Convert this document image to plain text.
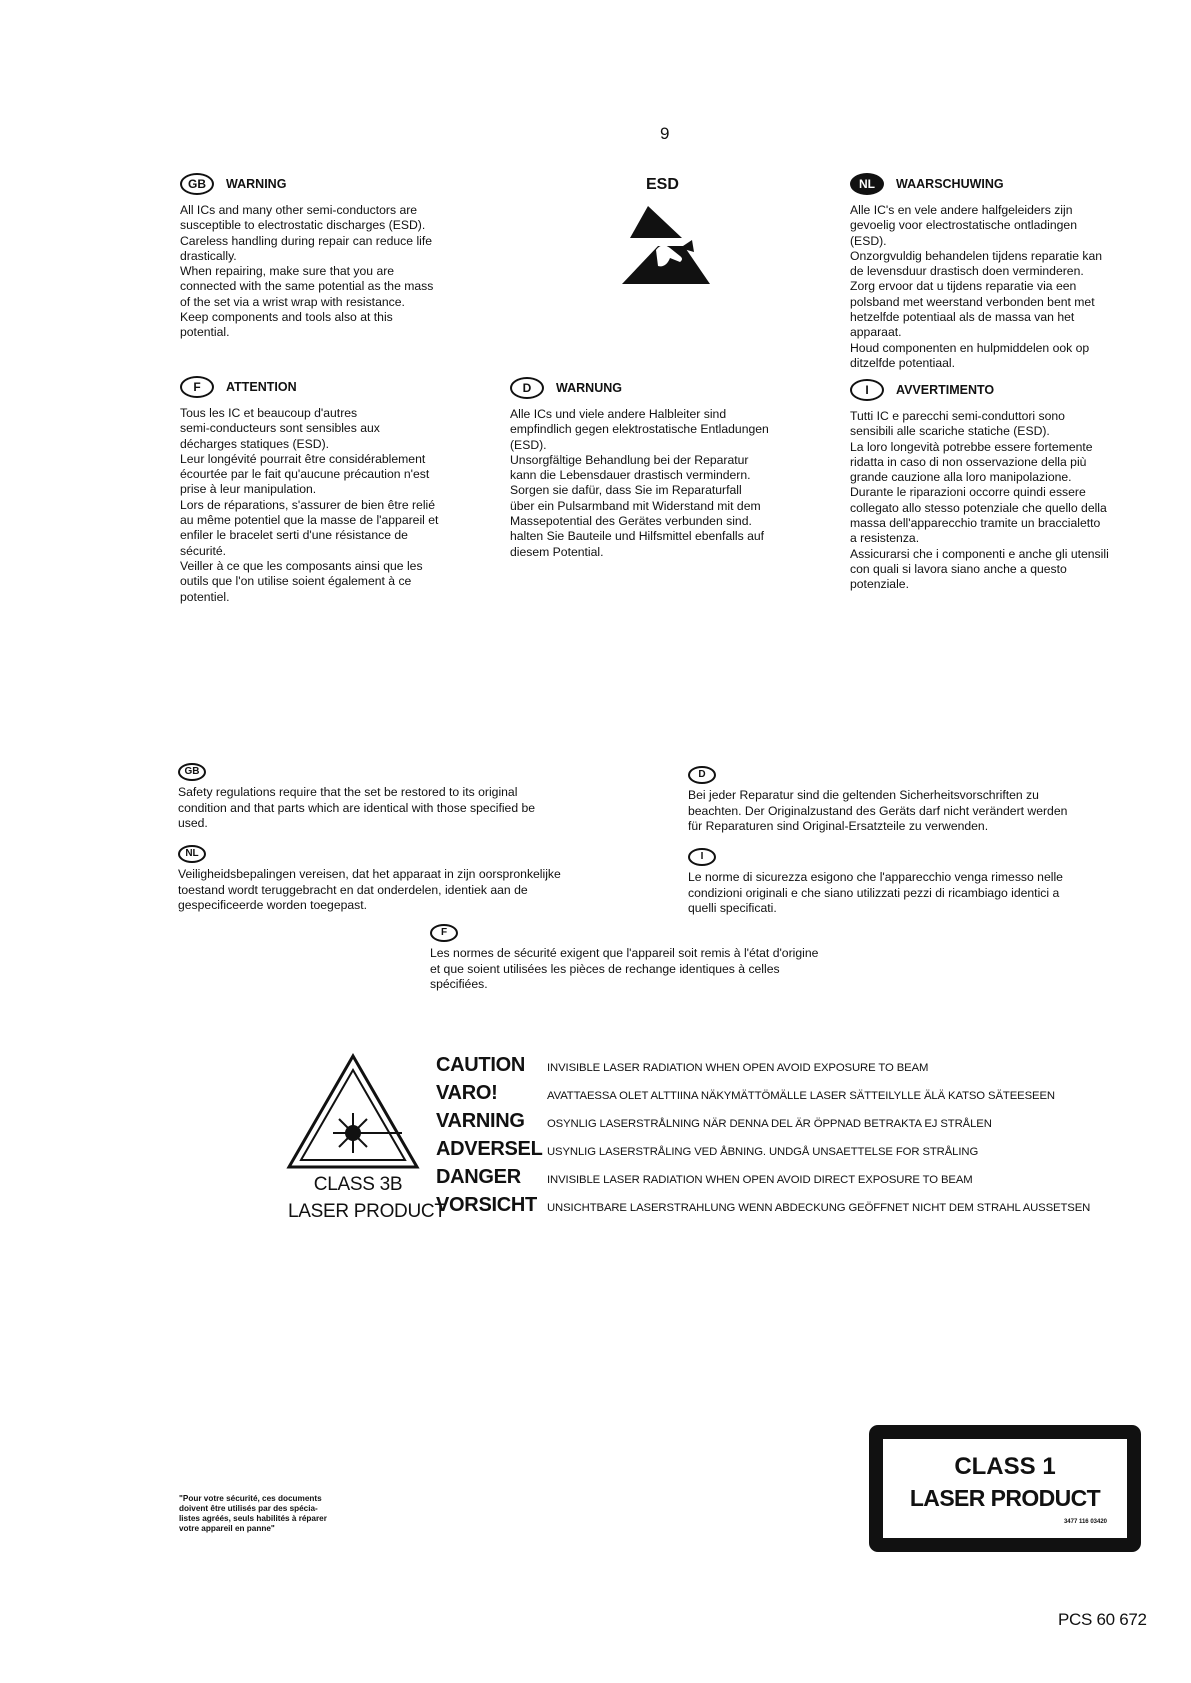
9
ESD
GB	WARNING
All ICs and many other semi-conductors are
susceptible to electrostatic discharges (ESD).
Careless handling during repair can reduce life
drastically.
When repairing, make sure that you are
connected with the same potential as the mass
of the set via a wrist wrap with resistance.
Keep components and tools also at this
potential.
NL	WAARSCHUWING
Alle IC's en vele andere halfgeleiders zijn
gevoelig voor electrostatische ontladingen
(ESD).
Onzorgvuldig behandelen tijdens reparatie kan
de levensduur drastisch doen verminderen.
Zorg ervoor dat u tijdens reparatie via een
polsband met weerstand verbonden bent met
hetzelfde potentiaal als de massa van het
apparaat.
Houd componenten en hulpmiddelen ook op
ditzelfde potentiaal.
F	ATTENTION
Tous les IC et beaucoup d'autres
semi-conducteurs sont sensibles aux
décharges statiques (ESD).
Leur longévité pourrait être considérablement
écourtée par le fait qu'aucune précaution n'est
prise à leur manipulation.
Lors de réparations, s'assurer de bien être relié
au même potentiel que la masse de l'appareil et
enfiler le bracelet serti d'une résistance de
sécurité.
Veiller à ce que les composants ainsi que les
outils que l'on utilise soient également à ce
potentiel.
D	WARNUNG
Alle ICs und viele andere Halbleiter sind
empfindlich gegen elektrostatische Entladungen
(ESD).
Unsorgfältige Behandlung bei der Reparatur
kann die Lebensdauer drastisch vermindern.
Sorgen sie dafür, dass Sie im Reparaturfall
über ein Pulsarmband mit Widerstand mit dem
Massepotential des Gerätes verbunden sind.
halten Sie Bauteile und Hilfsmittel ebenfalls auf
diesem Potential.
I	AVVERTIMENTO
Tutti IC e parecchi semi-conduttori sono
sensibili alle scariche statiche (ESD).
La loro longevità potrebbe essere fortemente
ridatta in caso di non osservazione della più
grande cauzione alla loro manipolazione.
Durante le riparazioni occorre quindi essere
collegato allo stesso potenziale che quello della
massa dell'apparecchio tramite un braccialetto
a resistenza.
Assicurarsi che i componenti e anche gli utensili
con quali si lavora siano anche a questo
potenziale.
GB
Safety regulations require that the set be restored to its original
condition and that parts which are identical with those specified be
used.
D
Bei jeder Reparatur sind die geltenden Sicherheitsvorschriften zu
beachten. Der Originalzustand des Geräts darf nicht verändert werden
für Reparaturen sind Original-Ersatzteile zu verwenden.
NL
Veiligheidsbepalingen vereisen, dat het apparaat in zijn oorspronkelijke
toestand wordt teruggebracht en dat onderdelen, identiek aan de
gespecificeerde worden toegepast.
I
Le norme di sicurezza esigono che l'apparecchio venga rimesso nelle
condizioni originali e che siano utilizzati pezzi di ricambiago identici a
quelli specificati.
F
Les normes de sécurité exigent que l'appareil soit remis à l'état d'origine
et que soient utilisées les pièces de rechange identiques à celles
spécifiées.
CLASS 3B
LASER PRODUCT
CAUTION	INVISIBLE LASER RADIATION WHEN OPEN AVOID EXPOSURE TO BEAM
VARO!	AVATTAESSA OLET ALTTIINA NÄKYMÄTTÖMÄLLE LASER SÄTTEILYLLE ÄLÄ KATSO SÄTEESEEN
VARNING	OSYNLIG LASERSTRÅLNING NÄR DENNA DEL ÄR ÖPPNAD BETRAKTA EJ STRÅLEN
ADVERSEL USYNLIG LASERSTRÅLING VED ÅBNING. UNDGÅ UNSAETTELSE FOR STRÅLING
DANGER	INVISIBLE LASER RADIATION WHEN OPEN AVOID DIRECT EXPOSURE TO BEAM
VORSICHT UNSICHTBARE LASERSTRAHLUNG WENN ABDECKUNG GEÖFFNET NICHT DEM STRAHL AUSSETSEN
"Pour votre sécurité, ces documents
doivent être utilisés par des spécia-
listes agréés, seuls habilités à réparer
votre appareil en panne"
CLASS 1
LASER PRODUCT
3477 116 03420
PCS 60 672
